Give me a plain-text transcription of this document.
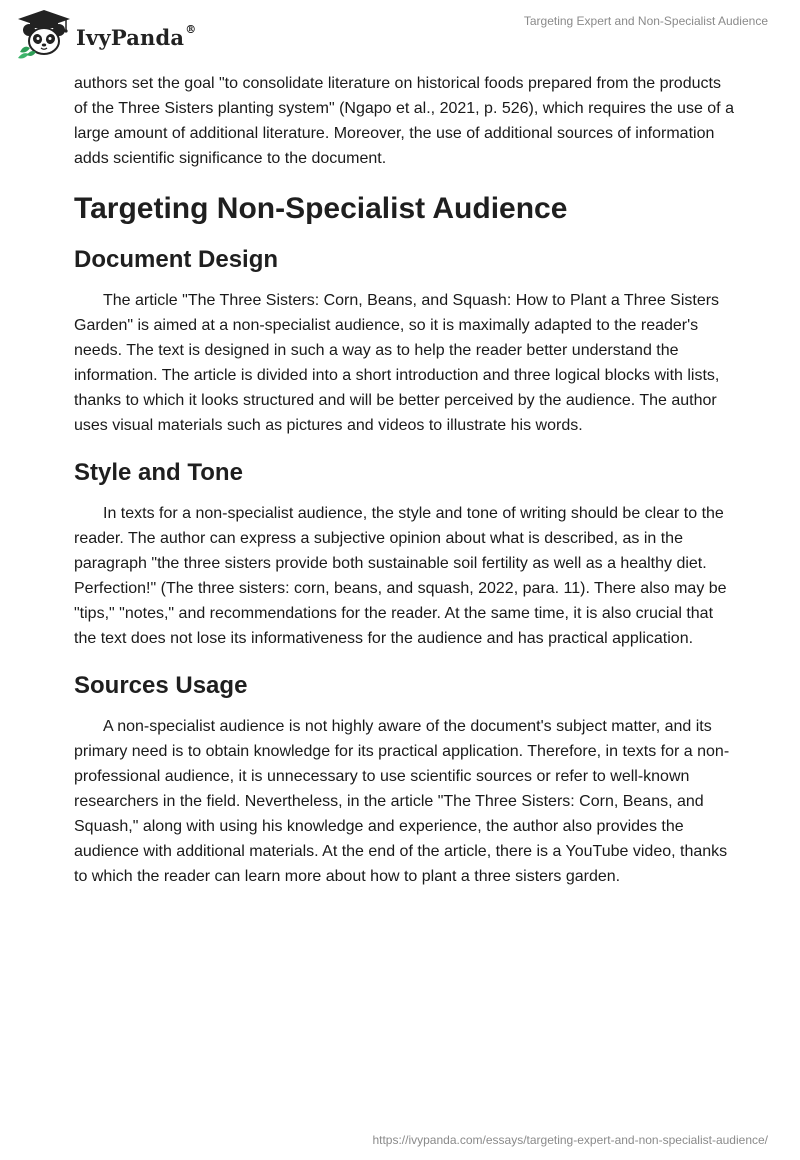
IvyPanda®
Targeting Expert and Non-Specialist Audience

authors set the goal "to consolidate literature on historical foods prepared from the products of the Three Sisters planting system" (Ngapo et al., 2021, p. 526), which requires the use of a large amount of additional literature. Moreover, the use of additional sources of information adds scientific significance to the document.

Targeting Non-Specialist Audience
Document Design

The article "The Three Sisters: Corn, Beans, and Squash: How to Plant a Three Sisters Garden" is aimed at a non-specialist audience, so it is maximally adapted to the reader's needs. The text is designed in such a way as to help the reader better understand the information. The article is divided into a short introduction and three logical blocks with lists, thanks to which it looks structured and will be better perceived by the audience. The author uses visual materials such as pictures and videos to illustrate his words.

Style and Tone

In texts for a non-specialist audience, the style and tone of writing should be clear to the reader. The author can express a subjective opinion about what is described, as in the paragraph "the three sisters provide both sustainable soil fertility as well as a healthy diet. Perfection!" (The three sisters: corn, beans, and squash, 2022, para. 11). There also may be "tips," "notes," and recommendations for the reader. At the same time, it is also crucial that the text does not lose its informativeness for the audience and has practical application.

Sources Usage

A non-specialist audience is not highly aware of the document's subject matter, and its primary need is to obtain knowledge for its practical application. Therefore, in texts for a non-professional audience, it is unnecessary to use scientific sources or refer to well-known researchers in the field. Nevertheless, in the article "The Three Sisters: Corn, Beans, and Squash," along with using his knowledge and experience, the author also provides the audience with additional materials. At the end of the article, there is a YouTube video, thanks to which the reader can learn more about how to plant a three sisters garden.

https://ivypanda.com/essays/targeting-expert-and-non-specialist-audience/
